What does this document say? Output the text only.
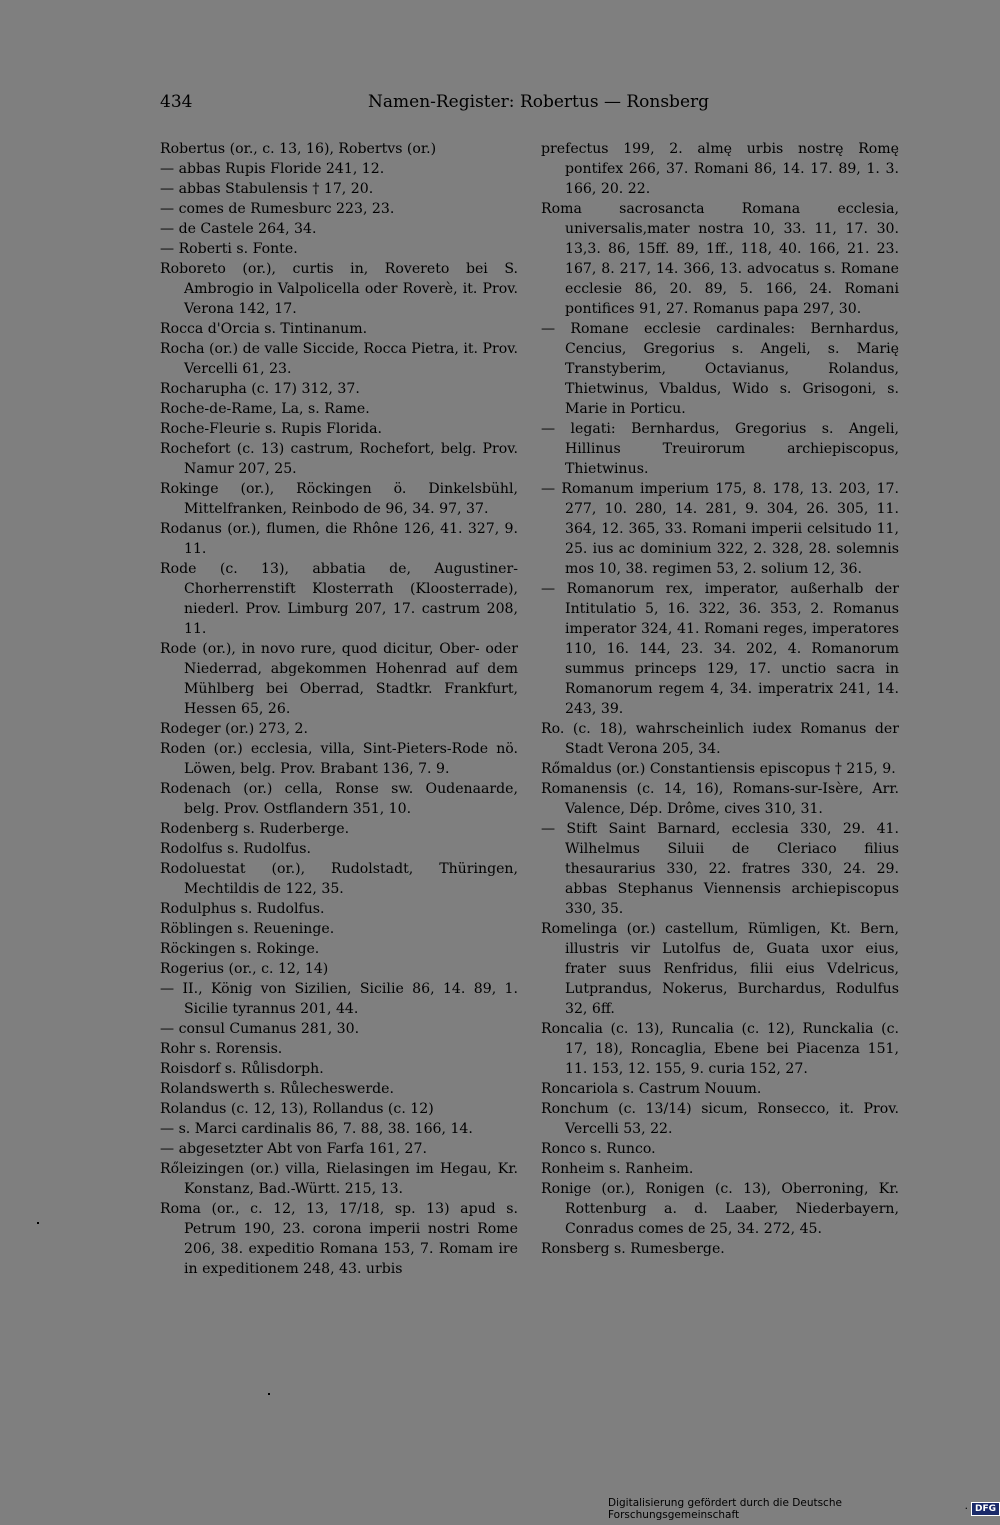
434	Namen-Register: Robertus — Ronsberg

Robertus (or., c. 13, 16), Robertvs (or.)

— abbas Rupis Floride 241, 12.

— abbas Stabulensis † 17, 20.

— comes de Rumesburc 223, 23.

— de Castele 264, 34.

— Roberti s. Fonte.

Roboreto (or.), curtis in, Rovereto bei S. Ambrogio in Valpolicella oder Roverè, it. Prov. Verona 142, 17.

Rocca d'Orcia s. Tintinanum.

Rocha (or.) de valle Siccide, Rocca Pietra, it. Prov. Vercelli 61, 23.

Rocharupha (c. 17) 312, 37.

Roche-de-Rame, La, s. Rame.

Roche-Fleurie s. Rupis Florida.

Rochefort (c. 13) castrum, Rochefort, belg. Prov. Namur 207, 25.

Rokinge (or.), Röckingen ö. Dinkelsbühl, Mittelfranken, Reinbodo de 96, 34. 97, 37.

Rodanus (or.), flumen, die Rhône 126, 41. 327, 9. 11.

Rode (c. 13), abbatia de, Augustiner-Chorherrenstift Klosterrath (Kloosterrade), niederl. Prov. Limburg 207, 17. castrum 208, 11.

Rode (or.), in novo rure, quod dicitur, Ober- oder Niederrad, abgekommen Hohenrad auf dem Mühlberg bei Oberrad, Stadtkr. Frankfurt, Hessen 65, 26.

Rodeger (or.) 273, 2.

Roden (or.) ecclesia, villa, Sint-Pieters-Rode nö. Löwen, belg. Prov. Brabant 136, 7. 9.

Rodenach (or.) cella, Ronse sw. Oudenaarde, belg. Prov. Ostflandern 351, 10.

Rodenberg s. Ruderberge.

Rodolfus s. Rudolfus.

Rodoluestat (or.), Rudolstadt, Thüringen, Mechtildis de 122, 35.

Rodulphus s. Rudolfus.

Röblingen s. Reueninge.

Röckingen s. Rokinge.

Rogerius (or., c. 12, 14)

— II., König von Sizilien, Sicilie 86, 14. 89, 1. Sicilie tyrannus 201, 44.

— consul Cumanus 281, 30.

Rohr s. Rorensis.

Roisdorf s. Růlisdorph.

Rolandswerth s. Růlecheswerde.

Rolandus (c. 12, 13), Rollandus (c. 12)

— s. Marci cardinalis 86, 7. 88, 38. 166, 14.

— abgesetzter Abt von Farfa 161, 27.

Rőleizingen (or.) villa, Rielasingen im Hegau, Kr. Konstanz, Bad.-Württ. 215, 13.

Roma (or., c. 12, 13, 17/18, sp. 13) apud s. Petrum 190, 23. corona imperii nostri Rome 206, 38. expeditio Romana 153, 7. Romam ire in expeditionem 248, 43. urbis

prefectus 199, 2. almę urbis nostrę Romę pontifex 266, 37. Romani 86, 14. 17. 89, 1. 3. 166, 20. 22.

Roma sacrosancta Romana ecclesia, universalis,mater nostra 10, 33. 11, 17. 30. 13,3. 86, 15ff. 89, 1ff., 118, 40. 166, 21. 23. 167, 8. 217, 14. 366, 13. advocatus s. Romane ecclesie 86, 20. 89, 5. 166, 24. Romani pontifices 91, 27. Romanus papa 297, 30.

— Romane ecclesie cardinales: Bernhardus, Cencius, Gregorius s. Angeli, s. Marię Transtyberim, Octavianus, Rolandus, Thietwinus, Vbaldus, Wido s. Grisogoni, s. Marie in Porticu.

— legati: Bernhardus, Gregorius s. Angeli, Hillinus Treuirorum archiepiscopus, Thietwinus.

— Romanum imperium 175, 8. 178, 13. 203, 17. 277, 10. 280, 14. 281, 9. 304, 26. 305, 11. 364, 12. 365, 33. Romani imperii celsitudo 11, 25. ius ac dominium 322, 2. 328, 28. solemnis mos 10, 38. regimen 53, 2. solium 12, 36.

— Romanorum rex, imperator, außerhalb der Intitulatio 5, 16. 322, 36. 353, 2. Romanus imperator 324, 41. Romani reges, imperatores 110, 16. 144, 23. 34. 202, 4. Romanorum summus princeps 129, 17. unctio sacra in Romanorum regem 4, 34. imperatrix 241, 14. 243, 39.

Ro. (c. 18), wahrscheinlich iudex Romanus der Stadt Verona 205, 34.

Rőmaldus (or.) Constantiensis episcopus † 215, 9.

Romanensis (c. 14, 16), Romans-sur-Isère, Arr. Valence, Dép. Drôme, cives 310, 31.

— Stift Saint Barnard, ecclesia 330, 29. 41. Wilhelmus Siluii de Cleriaco filius thesaurarius 330, 22. fratres 330, 24. 29. abbas Stephanus Viennensis archiepiscopus 330, 35.

Romelinga (or.) castellum, Rümligen, Kt. Bern, illustris vir Lutolfus de, Guata uxor eius, frater suus Renfridus, filii eius Vdelricus, Lutprandus, Nokerus, Burchardus, Rodulfus 32, 6ff.

Roncalia (c. 13), Runcalia (c. 12), Runckalia (c. 17, 18), Roncaglia, Ebene bei Piacenza 151, 11. 153, 12. 155, 9. curia 152, 27.

Roncariola s. Castrum Nouum.

Ronchum (c. 13/14) sicum, Ronsecco, it. Prov. Vercelli 53, 22.

Ronco s. Runco.

Ronheim s. Ranheim.

Ronige (or.), Ronigen (c. 13), Oberroning, Kr. Rottenburg a. d. Laaber, Niederbayern, Conradus comes de 25, 34. 272, 45.

Ronsberg s. Rumesberge.

Digitalisierung gefördert durch die Deutsche Forschungsgemeinschaft	· DFG
